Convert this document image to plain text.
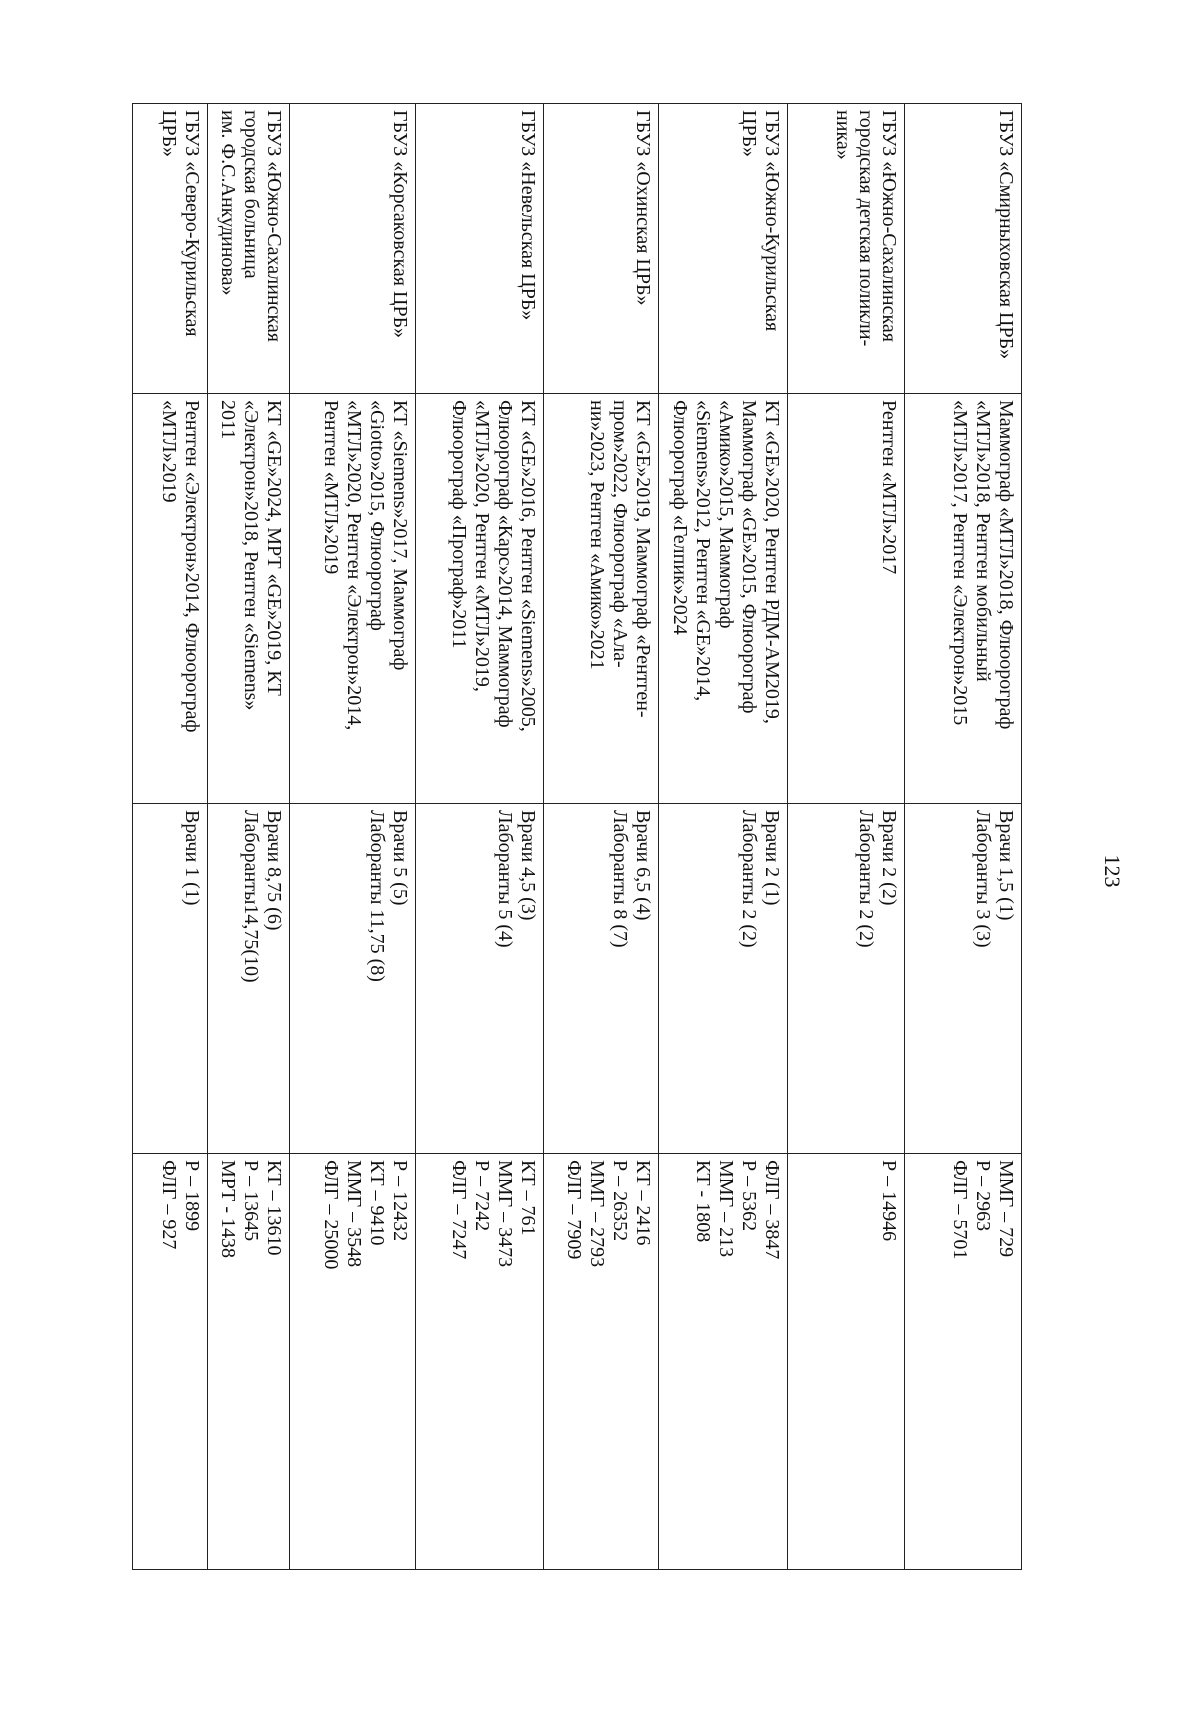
123
ГБУЗ «Смирныховская ЦРБ»	Маммограф «МТЛ»2018, Флюорограф
«МТЛ»2018, Рентген мобильный
«МТЛ»2017, Рентген «Электрон»2015	Врачи 1,5 (1)
Лаборанты 3 (3)	ММГ – 729
Р – 2963
ФЛГ – 5701

ГБУЗ «Южно-Сахалинская
городская детская поликли-
ника»	Рентген «МТЛ»2017	Врачи 2 (2)
Лаборанты 2 (2)	Р – 14946

ГБУЗ «Южно-Курильская
ЦРБ»	КТ «GE»2020, Рентген РДМ-АМ2019,
Маммограф «GE»2015, Флюорограф
«Амико»2015, Маммограф
«Siemens»2012, Рентген «GE»2014,
Флюорограф «Гелпик»2024	Врачи 2 (1)
Лаборанты 2 (2)	ФЛГ – 3847
Р – 5362
ММГ – 213
КТ - 1808

ГБУЗ «Охинская ЦРБ»	КТ «GE»2019, Маммограф «Рентген-
пром»2022, Флюорограф «Ала-
ни»2023, Рентген «Амико»2021	Врачи 6,5 (4)
Лаборанты 8 (7)	КТ – 2416
Р – 26352
ММГ – 2793
ФЛГ – 7909

ГБУЗ «Невельская ЦРБ»	КТ «GE»2016, Рентген «Siemens»2005,
Флюорограф «Карс»2014, Маммограф
«МТЛ»2020, Рентген «МТЛ»2019,
Флюорограф «Програф»2011	Врачи 4,5 (3)
Лаборанты 5 (4)	КТ – 761
ММГ – 3473
Р – 7242
ФЛГ – 7247

ГБУЗ «Корсаковская ЦРБ»	КТ «Siemens»2017, Маммограф
«Giotto»2015, Флюорограф
«МТЛ»2020, Рентген «Электрон»2014,
Рентген «МТЛ»2019	Врачи 5 (5)
Лаборанты 11,75 (8)	Р – 12432
КТ – 9410
ММГ – 3548
ФЛГ – 25000

ГБУЗ «Южно-Сахалинская
городская больница
им. Ф.С.Анкудинова»	КТ «GE»2024, МРТ «GE»2019, КТ
«Электрон»2018, Рентген «Siemens»
2011	Врачи 8,75 (6)
Лаборанты14,75(10)	КТ – 13610
Р – 13645
МРТ - 1438

ГБУЗ «Северо-Курильская
ЦРБ»	Рентген «Электрон»2014, Флюорограф
«МТЛ»2019	Врачи 1 (1)	Р – 1899
ФЛГ – 927
